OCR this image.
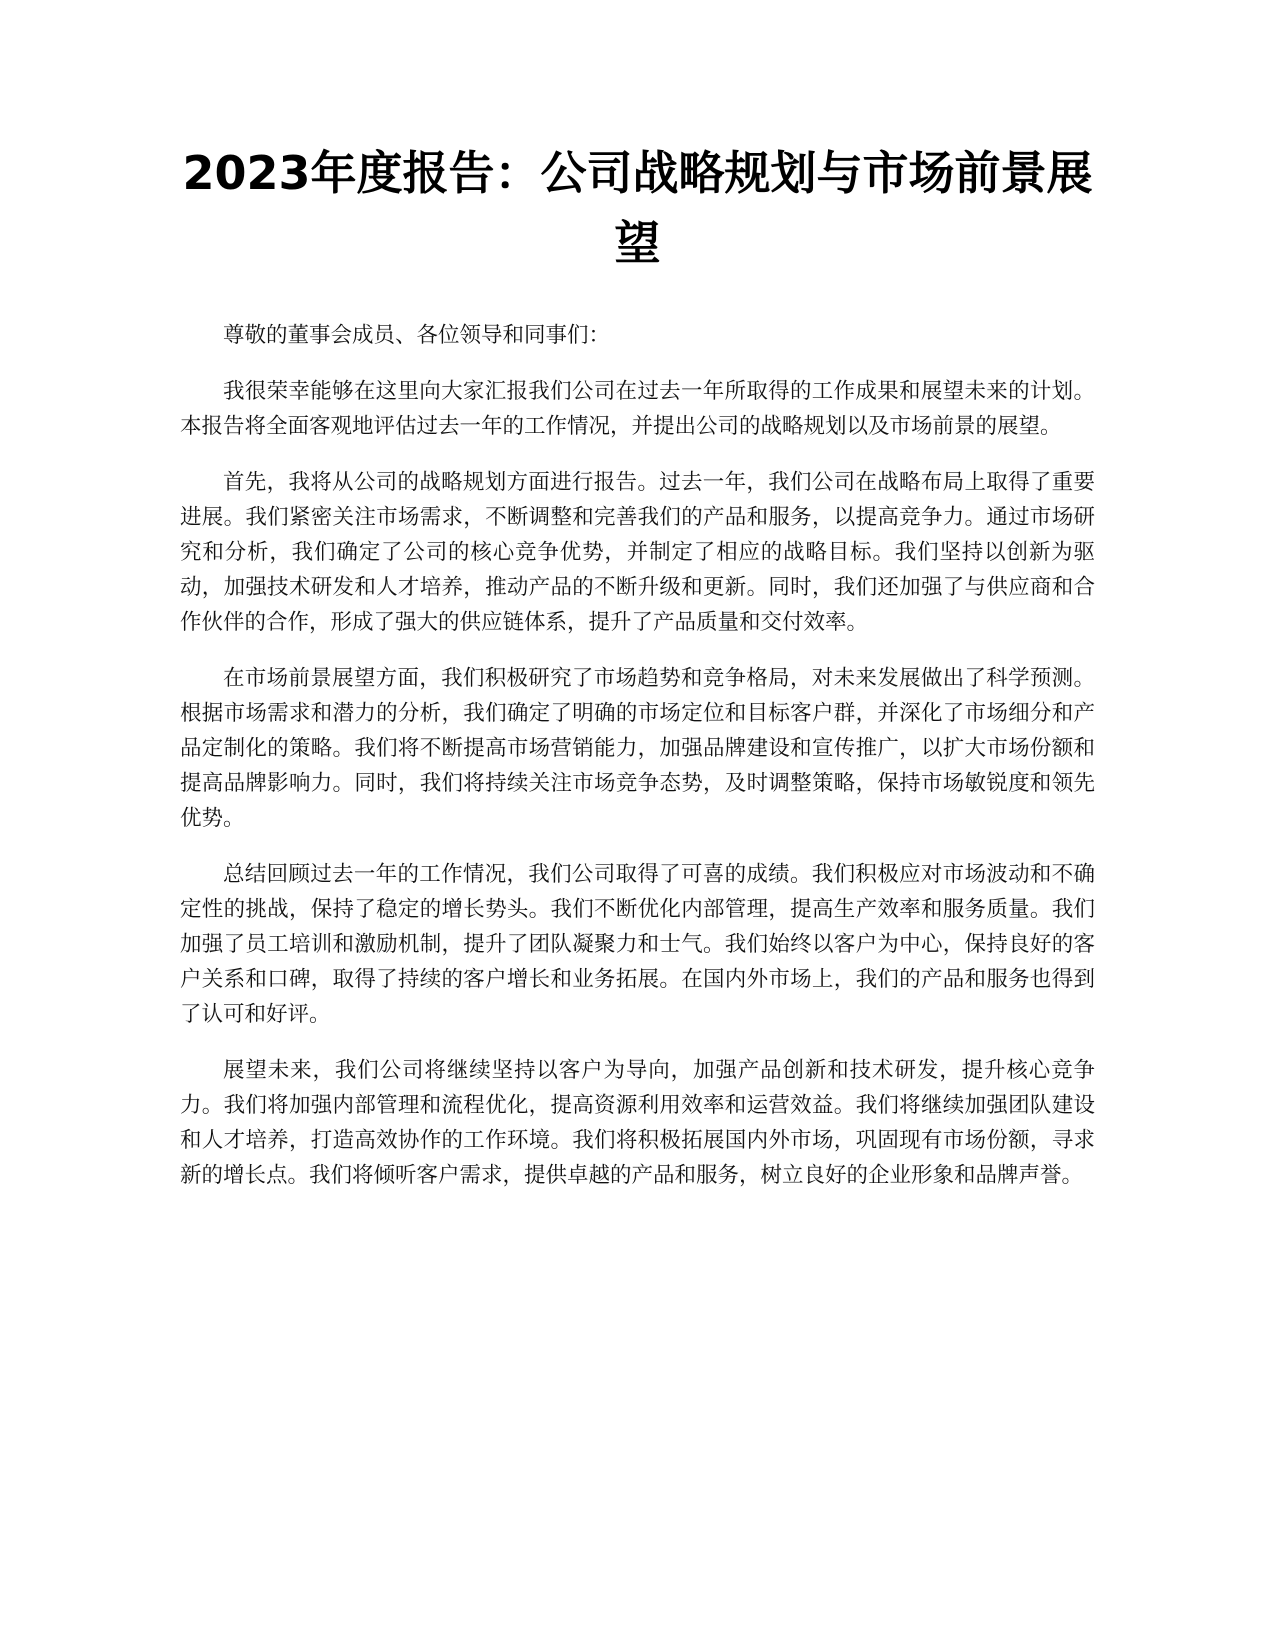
2023年度报告：公司战略规划与市场前景展望

尊敬的董事会成员、各位领导和同事们：

我很荣幸能够在这里向大家汇报我们公司在过去一年所取得的工作成果和展望未来的计划。本报告将全面客观地评估过去一年的工作情况，并提出公司的战略规划以及市场前景的展望。

首先，我将从公司的战略规划方面进行报告。过去一年，我们公司在战略布局上取得了重要进展。我们紧密关注市场需求，不断调整和完善我们的产品和服务，以提高竞争力。通过市场研究和分析，我们确定了公司的核心竞争优势，并制定了相应的战略目标。我们坚持以创新为驱动，加强技术研发和人才培养，推动产品的不断升级和更新。同时，我们还加强了与供应商和合作伙伴的合作，形成了强大的供应链体系，提升了产品质量和交付效率。

在市场前景展望方面，我们积极研究了市场趋势和竞争格局，对未来发展做出了科学预测。根据市场需求和潜力的分析，我们确定了明确的市场定位和目标客户群，并深化了市场细分和产品定制化的策略。我们将不断提高市场营销能力，加强品牌建设和宣传推广，以扩大市场份额和提高品牌影响力。同时，我们将持续关注市场竞争态势，及时调整策略，保持市场敏锐度和领先优势。

总结回顾过去一年的工作情况，我们公司取得了可喜的成绩。我们积极应对市场波动和不确定性的挑战，保持了稳定的增长势头。我们不断优化内部管理，提高生产效率和服务质量。我们加强了员工培训和激励机制，提升了团队凝聚力和士气。我们始终以客户为中心，保持良好的客户关系和口碑，取得了持续的客户增长和业务拓展。在国内外市场上，我们的产品和服务也得到了认可和好评。

展望未来，我们公司将继续坚持以客户为导向，加强产品创新和技术研发，提升核心竞争力。我们将加强内部管理和流程优化，提高资源利用效率和运营效益。我们将继续加强团队建设和人才培养，打造高效协作的工作环境。我们将积极拓展国内外市场，巩固现有市场份额，寻求新的增长点。我们将倾听客户需求，提供卓越的产品和服务，树立良好的企业形象和品牌声誉。
